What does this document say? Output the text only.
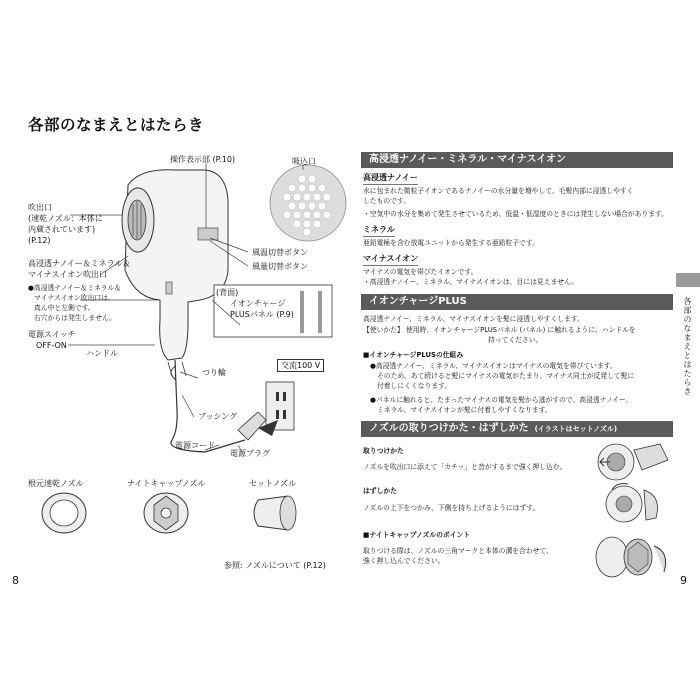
各部のなまえとはたらき
操作表示部 (P.10)	吸込口
吹出口
(速乾ノズル：本体に
内蔵されています)
(P.12)
高浸透ナノイー＆ミネラル＆
マイナスイオン吹出口
●高浸透ナノイー＆ミネラル＆
マイナスイオン吹出口は、
真ん中と左側です。
右穴からは発生しません。
電源スイッチ
OFF-ON
ハンドル
風温切替ボタン
風量切替ボタン
(背面)
イオンチャージ
PLUSパネル (P.9)
つり輪
ブッシング
電源コード
電源プラグ
交流100 V
根元速乾ノズル	ナイトキャップノズル	セットノズル
参照: ノズルについて (P.12)
8
高浸透ナノイー・ミネラル・マイナスイオン
高浸透ナノイー
水に包まれた微粒子イオンであるナノイーの水分量を増やして、毛髪内部に浸透しやすく
したものです。
・空気中の水分を集めて発生させているため、低温・低湿度のときには発生しない場合があります。
ミネラル
亜鉛電極を含む放電ユニットから発生する亜鉛粒子です。
マイナスイオン
マイナスの電気を帯びたイオンです。
・高浸透ナノイー、ミネラル、マイナスイオンは、目には見えません。
イオンチャージPLUS
高浸透ナノイー、ミネラル、マイナスイオンを髪に浸透しやすくします。
【使いかた】 使用時、イオンチャージPLUSパネル (パネル) に触れるように、ハンドルを
持ってください。
■イオンチャージPLUSの仕組み
●高浸透ナノイー、ミネラル、マイナスイオンはマイナスの電気を帯びています。
そのため、あて続けると髪にマイナスの電気がたまり、マイナス同士が反発して髪に
付着しにくくなります。
●パネルに触れると、たまったマイナスの電気を髪から逃がすので、高浸透ナノイー、
ミネラル、マイナスイオンが髪に付着しやすくなります。
ノズルの取りつけかた・はずしかた (イラストはセットノズル)
取りつけかた
ノズルを吹出口に添えて「カチッ」と音がするまで強く押し込む。
はずしかた
ノズルの上下をつかみ、下側を持ち上げるようにはずす。
■ナイトキャップノズルのポイント
取りつける際は、ノズルの三角マークと本体の溝を合わせて、
強く押し込んでください。
各部のなまえとはたらき
9
